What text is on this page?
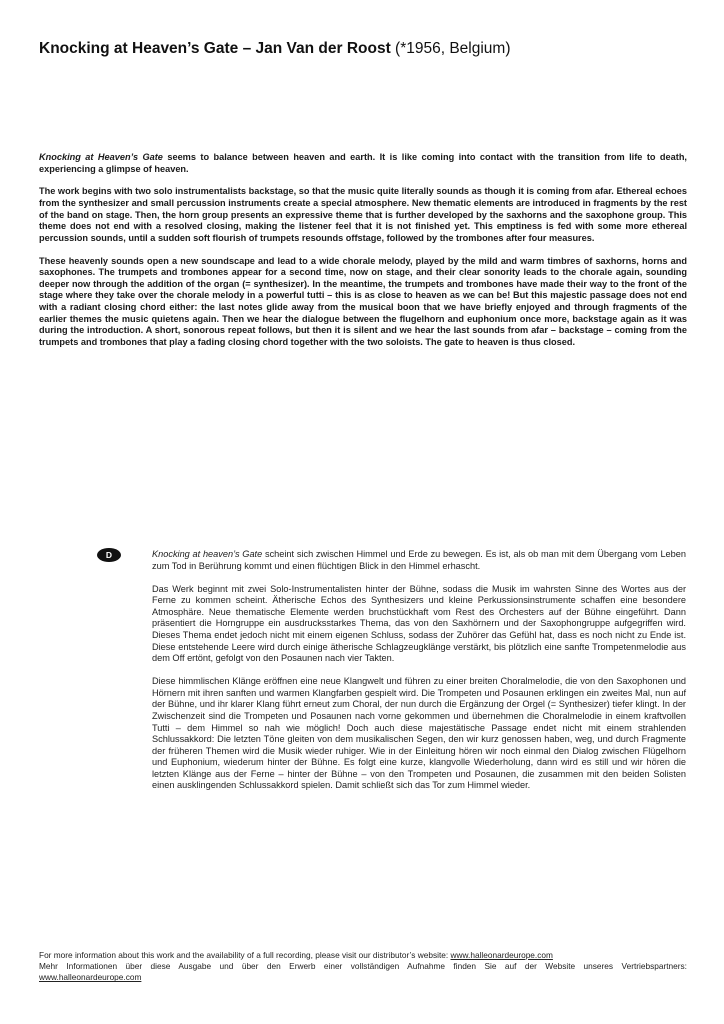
Knocking at Heaven’s Gate – Jan Van der Roost (*1956, Belgium)

Knocking at Heaven’s Gate seems to balance between heaven and earth. It is like coming into contact with the transition from life to death, experiencing a glimpse of heaven.

The work begins with two solo instrumentalists backstage, so that the music quite literally sounds as though it is coming from afar. Ethereal echoes from the synthesizer and small percussion instruments create a special atmosphere. New thematic elements are introduced in fragments by the rest of the band on stage. Then, the horn group presents an expressive theme that is further developed by the saxhorns and the saxophone group. This theme does not end with a resolved closing, making the listener feel that it is not finished yet. This emptiness is fed with some more ethereal percussion sounds, until a sudden soft flourish of trumpets resounds offstage, followed by the trombones after four measures.

These heavenly sounds open a new soundscape and lead to a wide chorale melody, played by the mild and warm timbres of saxhorns, horns and saxophones. The trumpets and trombones appear for a second time, now on stage, and their clear sonority leads to the chorale again, sounding deeper now through the addition of the organ (= synthesizer). In the meantime, the trumpets and trombones have made their way to the front of the stage where they take over the chorale melody in a powerful tutti – this is as close to heaven as we can be! But this majestic passage does not end with a radiant closing chord either: the last notes glide away from the musical boon that we have briefly enjoyed and through fragments of the earlier themes the music quietens again. Then we hear the dialogue between the flugelhorn and euphonium once more, backstage again as it was during the introduction. A short, sonorous repeat follows, but then it is silent and we hear the last sounds from afar – backstage – coming from the trumpets and trombones that play a fading closing chord together with the two soloists. The gate to heaven is thus closed.

D	Knocking at heaven’s Gate scheint sich zwischen Himmel und Erde zu bewegen. Es ist, als ob man mit dem Übergang vom Leben zum Tod in Berührung kommt und einen flüchtigen Blick in den Himmel erhascht.

Das Werk beginnt mit zwei Solo-Instrumentalisten hinter der Bühne, sodass die Musik im wahrsten Sinne des Wortes aus der Ferne zu kommen scheint. Ätherische Echos des Synthesizers und kleine Perkussionsinstrumente schaffen eine besondere Atmosphäre. Neue thematische Elemente werden bruchstückhaft vom Rest des Orchesters auf der Bühne eingeführt. Dann präsentiert die Horngruppe ein ausdrucksstarkes Thema, das von den Saxhörnern und der Saxophongruppe aufgegriffen wird. Dieses Thema endet jedoch nicht mit einem eigenen Schluss, sodass der Zuhörer das Gefühl hat, dass es noch nicht zu Ende ist. Diese entstehende Leere wird durch einige ätherische Schlagzeugklänge verstärkt, bis plötzlich eine sanfte Trompetenmelodie aus dem Off ertönt, gefolgt von den Posaunen nach vier Takten.

Diese himmlischen Klänge eröffnen eine neue Klangwelt und führen zu einer breiten Choralmelodie, die von den Saxophonen und Hörnern mit ihren sanften und warmen Klangfarben gespielt wird. Die Trompeten und Posaunen erklingen ein zweites Mal, nun auf der Bühne, und ihr klarer Klang führt erneut zum Choral, der nun durch die Ergänzung der Orgel (= Synthesizer) tiefer klingt. In der Zwischenzeit sind die Trompeten und Posaunen nach vorne gekommen und übernehmen die Choralmelodie in einem kraftvollen Tutti – dem Himmel so nah wie möglich! Doch auch diese majestätische Passage endet nicht mit einem strahlenden Schlussakkord: Die letzten Töne gleiten von dem musikalischen Segen, den wir kurz genossen haben, weg, und durch Fragmente der früheren Themen wird die Musik wieder ruhiger. Wie in der Einleitung hören wir noch einmal den Dialog zwischen Flügelhorn und Euphonium, wiederum hinter der Bühne. Es folgt eine kurze, klangvolle Wiederholung, dann wird es still und wir hören die letzten Klänge aus der Ferne – hinter der Bühne – von den Trompeten und Posaunen, die zusammen mit den beiden Solisten einen ausklingenden Schlussakkord spielen. Damit schließt sich das Tor zum Himmel wieder.

For more information about this work and the availability of a full recording, please visit our distributor’s website: www.halleonardeurope.com

Mehr Informationen über diese Ausgabe und über den Erwerb einer vollständigen Aufnahme finden Sie auf der Website unseres Vertriebspartners:

www.halleonardeurope.com
